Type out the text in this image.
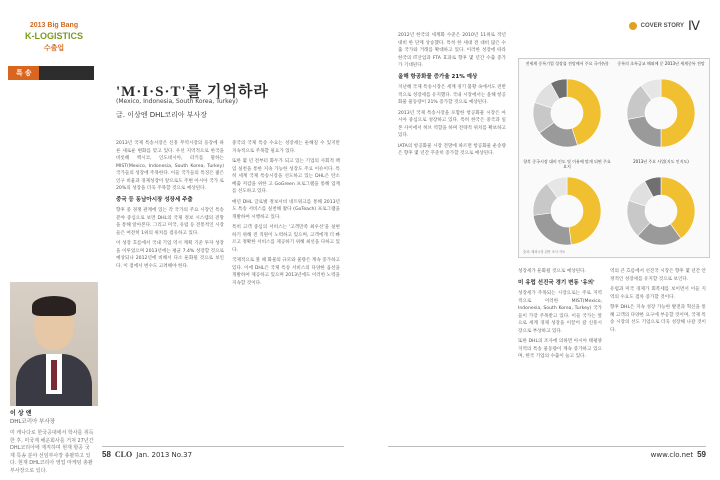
2013 Big Bang
K-LOGISTICS
수출업
특 송
이 상 엔
DHL코리아 부사장
미 캐나다로 한국공대에서 학사를 취득한 후, 미국계 해운회사를 거쳐 27년간 DHL코리아에 재직하며 현재 항공 국제 특송 분야 선임부사장 총괄하고 있다. 현재 DHL코리아 영업 마케팅 총괄 부사장으로 있다.
COVER STORY Ⅳ
'M·I·S·T'를 기억하라
(Mexico, Indonesia, South Korea, Turkey)
글. 이상엔 DHL코리아 부사장

2013년 국제 특송시장은 신흥 무역시장의 등장에 따른 새로운 변화를 맞고 있다. 우선 지역적으로 한국을 비롯해 멕시코, 인도네시아, 터키를 말하는 MIST(Mexico, Indonesia, South Korea, Turkey) 국가들의 성장에 주목한다. 이들 국가들의 특징은 젊은 인구 비율과 경제성장이 앞으로도 주변 아시아 국가 로 20%의 성장을 더욱 주목할 것으로 예상된다.

중국 등 동남아시장 성장세 주춤

향후 중 경쟁 관계에 있는 각 국가의 주요 시장인 특송 분야 중심으로 보면 DHL의 국제 정보 시스템의 전망을 통해 알아본다. 그리고 미국, 유럽 등 전통적인 시장들은 여전히 1위의 위치를 점유하고 있다.

이 성장 흐름에서 국내 기업 역시 계획 기준 투자 성장을 이루었으며 2013년에는 평균 7.4% 성장할 것으로 예상되나 2012년에 비해서 다소 둔화될 것으로 보인다. 이 점에서 변수도 고려해야 한다.

중국의 국제 특송 수요는 성장세는 둔해질 수 있지만 지속적으로 주목할 필요가 있다.

또한 몇 년 전부터 화두가 되고 있는 기업의 사회적 책임 실천을 통한 지속 가능한 성장도 주요 이슈이다. 특히 세계 국제 특송시장을 선도하고 있는 DHL은 탄소배출 저감을 위한 고 GoGreen 프로그램을 통해 업계를 선도하고 있다.

매년 DHL 글로벌 정보서비 네트워크를 통해 2013년도 특송 서비스를 실천해 왔다 (GoTeach) 프로그램을 개발하여 시행하고 있다.

특히 고객 중심의 서비스는 '고객만족 최우선'을 실현하기 위해 전 직원이 노력하고 있으며, 고객에게 더 빠르고 정확한 서비스를 제공하기 위해 최선을 다하고 있다.

국제적으로 볼 때 화물의 규모와 물량은 계속 증가하고 있다. 이에 DHL은 국제 특송 서비스의 다양한 옵션을 개발하여 제공하고 있으며 2013년에도 이러한 노력을 지속할 것이다.

2012년 한국의 세계화 수준은 2010년 11위로 작년 대비 한 단계 상승했다. 특히 한 세대 전 대비 많은 수출 국가와 거래를 확대하고 있다. 이러한 성장에 따라 한국의 IT산업과 FTA 효과로 향후 몇 년간 수출 증가가 기대된다.

올해 항공화물 증가율 21% 예상

지난해 국제 특송시장은 세계 경기 불황 속에서도 전반적으로 성장세를 유지했다. 국내 시장에서는 올해 항공화물 물동량이 21% 증가할 것으로 예상된다.

2013년 국제 특송시장을 포함한 항공화물 시장은 아시아 중심으로 성장하고 있다. 특히 한국은 중국과 일본 사이에서 허브 역할을 하며 전략적 위치를 확보하고 있다.

IATA의 항공화물 시장 전망에 따르면 항공화물 운송량은 향후 몇 년간 꾸준히 증가할 것으로 예상된다.

성장세가 둔화될 것으로 예상된다.

미 유럽 선진국 경기 변동 '유의'

성장세가 주목되는 시장으로는 주로 지역적으로 이러한 MIST(Mexico, Indonesia, South Korea, Turkey) 국가들이 가장 주목받고 있다. 이들 국가는 앞으로 세계 경제 성장을 이끌어 갈 신흥시장으로 부상하고 있다.

또한 DHL의 조사에 의하면 아시아 태평양 지역의 특송 물동량이 계속 증가하고 있으며, 한국 기업의 수출이 늘고 있다.

역의 큰 흐름에서 선진국 시장은 향후 몇 년간 안정적인 성장세를 유지할 것으로 보인다.

유럽과 미국 경제가 회복세를 보이면서 이들 지역의 수요도 점차 증가할 것이다.

향후 DHL은 지속 성장 가능한 발전과 혁신을 통해 고객의 다양한 요구에 부응할 것이며, 국제 특송 시장의 선도 기업으로 더욱 성장해 나갈 것이다.

전세계 중특기업 성장률 전망에서 주요 국가(년)	중특의 초특급교 해외에 문 2013년 세계중특 전망
향후 중국시장 대비 인도 및 이유에 맞게 되면 주요 요지
2013년 주요 사업(지도 인지도)
출처: 해외시장 위탁 조사 자료
58 CLO Jan. 2013 No.37	www.clo.net 59
